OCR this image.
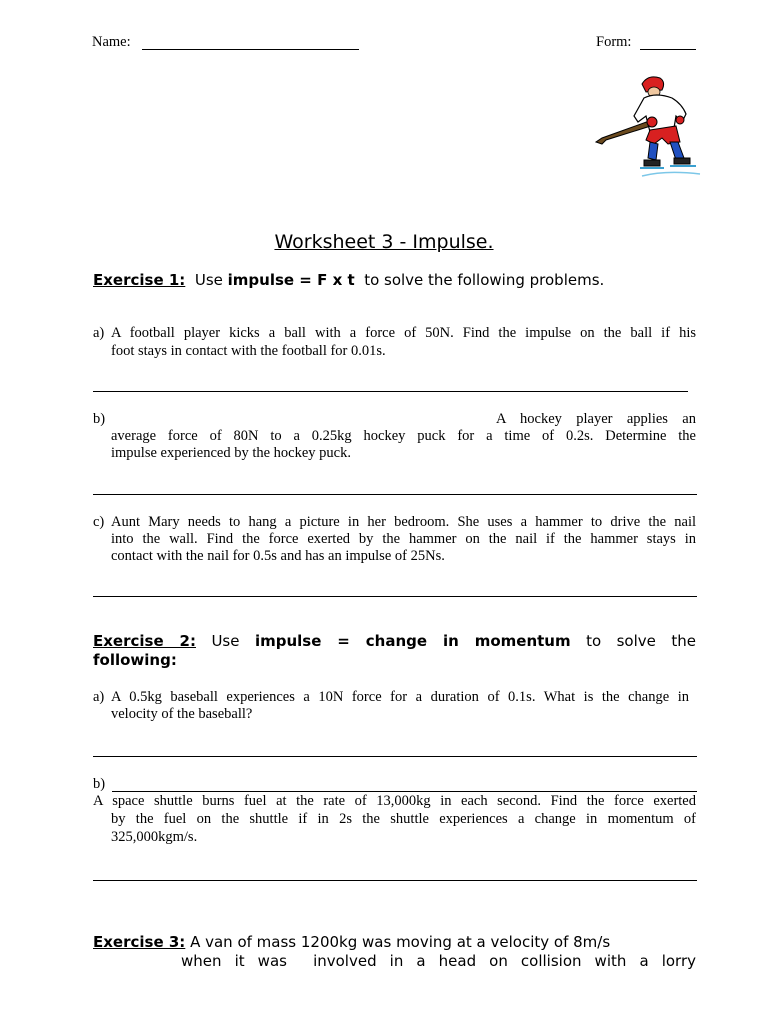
Name:	Form:
Worksheet 3 - Impulse.
Exercise 1: Use impulse = F x t to solve the following problems.
a) A football player kicks a ball with a force of 50N. Find the impulse on the ball if his
foot stays in contact with the football for 0.01s.
b)	A hockey player applies an
average force of 80N to a 0.25kg hockey puck for a time of 0.2s. Determine the
impulse experienced by the hockey puck.
c) Aunt Mary needs to hang a picture in her bedroom. She uses a hammer to drive the nail
into the wall. Find the force exerted by the hammer on the nail if the hammer stays in
contact with the nail for 0.5s and has an impulse of 25Ns.
Exercise 2: Use impulse = change in momentum to solve the
following:
a) A 0.5kg baseball experiences a 10N force for a duration of 0.1s. What is the change in
velocity of the baseball?
b)
A space shuttle burns fuel at the rate of 13,000kg in each second. Find the force exerted
by the fuel on the shuttle if in 2s the shuttle experiences a change in momentum of
325,000kgm/s.
Exercise 3: A van of mass 1200kg was moving at a velocity of 8m/s
when it was  involved in a head on collision with a lorry
